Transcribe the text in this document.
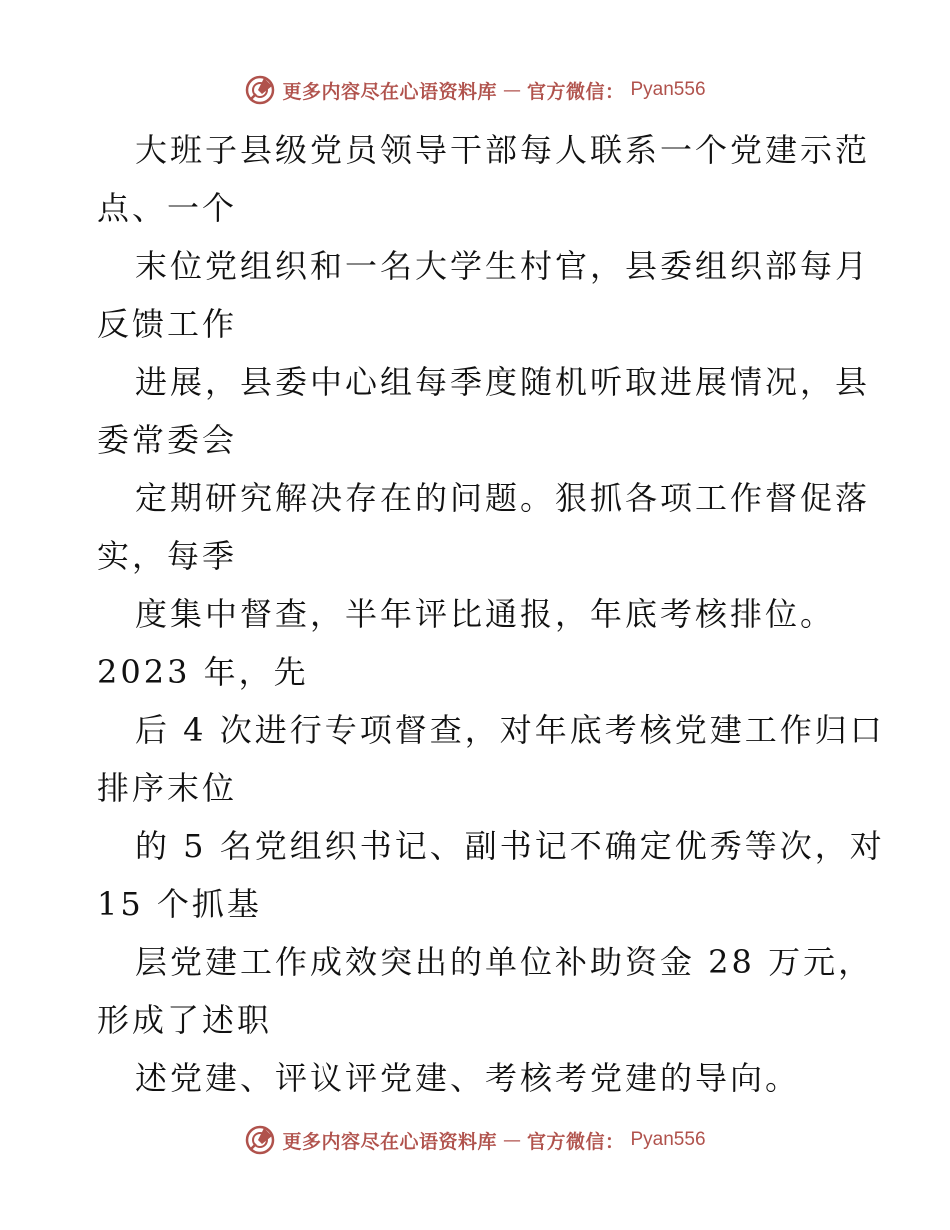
更多内容尽在心语资料库 — 官方微信： Pyan556
大班子县级党员领导干部每人联系一个党建示范
点、一个
末位党组织和一名大学生村官，县委组织部每月
反馈工作
进展，县委中心组每季度随机听取进展情况，县
委常委会
定期研究解决存在的问题。狠抓各项工作督促落
实，每季
度集中督查，半年评比通报，年底考核排位。
2023 年，先
后 4 次进行专项督查，对年底考核党建工作归口
排序末位
的 5 名党组织书记、副书记不确定优秀等次，对
15 个抓基
层党建工作成效突出的单位补助资金 28 万元，
形成了述职
述党建、评议评党建、考核考党建的导向。
更多内容尽在心语资料库 — 官方微信： Pyan556
